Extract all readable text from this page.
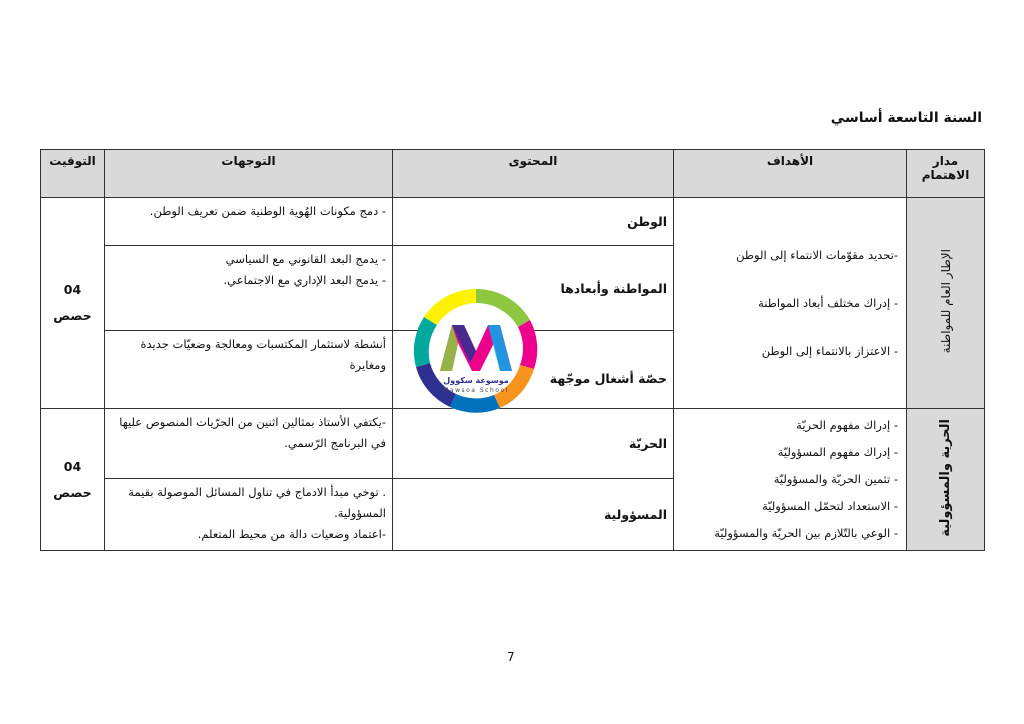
السنة التاسعة أساسي
مدار الاهتمام	الأهداف	المحتوى	التوجهات	التوقيت
الإطار العام للمواطنة	-تحديد مقوّمات الانتماء إلى الوطن
- إدراك مختلف أبعاد المواطنة
- الاعتزاز بالانتماء إلى الوطن	الوطن	- دمج مكونات الهُوية الوطنية ضمن تعريف الوطن.	04
حصص

		المواطنة وأبعادها	- يدمج البعد القانوني مع السياسي
- يدمج البعد الإداري مع الاجتماعي.	

		حصّة أشغال موجّهة	أنشطة لاستثمار المكتسبات ومعالجة وضعيّات جديدة ومغايرة	

الحرية والمسؤولية	- إدراك مفهوم الحريّة
- إدراك مفهوم المسؤوليّة
- تثمين الحريّة والمسؤوليّة
- الاستعداد لتحمّل المسؤوليّة
- الوعي بالتّلازم بين الحريّة والمسؤوليّة	الحريّة	-يكتفي الأستاذ بمثالين اثنين من الحرّيات المنصوص عليها في البرنامج الرّسمي.	04
حصص

		المسؤولية	. توخي مبدأ الادماج في تناول المسائل الموصولة بقيمة المسؤولية.
-اعتماد وضعيات دالة من محيط المتعلم.	
موسوعة سكوول
Mawsoa School
7
